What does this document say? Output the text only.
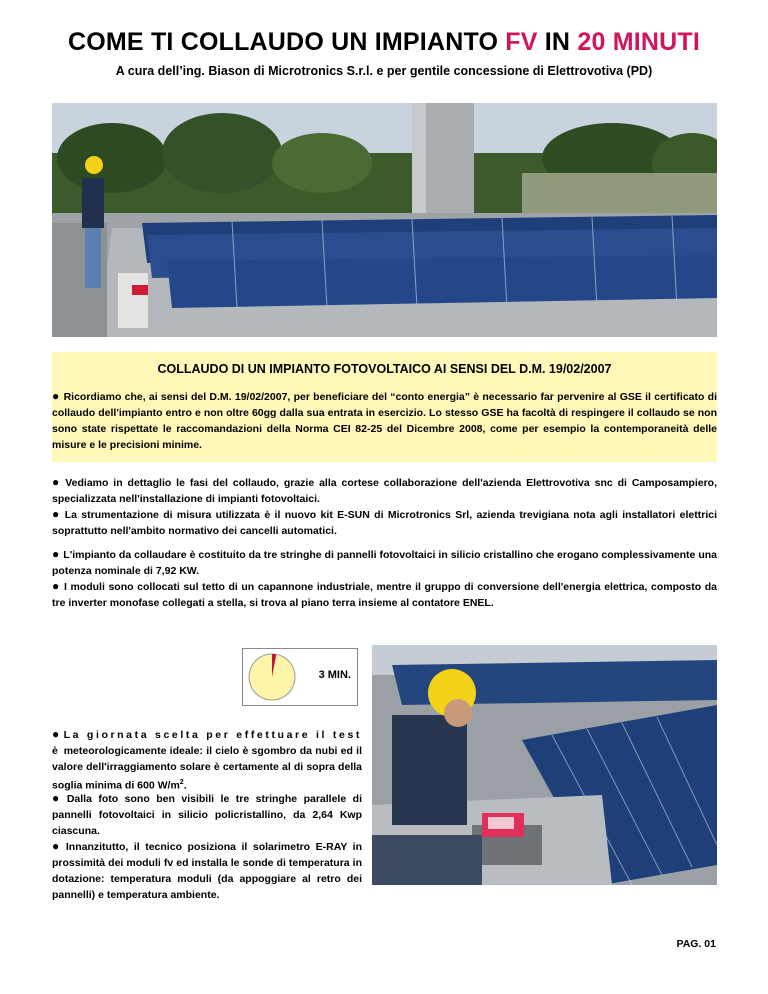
COME TI COLLAUDO UN IMPIANTO FV IN 20 MINUTI
A cura dell’ing. Biason di Microtronics S.r.l. e per gentile concessione di Elettrovotiva (PD)
COLLAUDO DI UN IMPIANTO FOTOVOLTAICO AI SENSI DEL D.M. 19/02/2007
● Ricordiamo che, ai sensi del D.M. 19/02/2007, per beneficiare del “conto energia” è necessario far pervenire al GSE il certificato di collaudo dell'impianto entro e non oltre 60gg dalla sua entrata in esercizio. Lo stesso GSE ha facoltà di respingere il collaudo se non sono state rispettate le raccomandazioni della Norma CEI 82-25 del Dicembre 2008, come per esempio la contemporaneità delle misure e le precisioni minime.
● Vediamo in dettaglio le fasi del collaudo, grazie alla cortese collaborazione dell'azienda Elettrovotiva snc di Camposampiero, specializzata nell'installazione di impianti fotovoltaici.
● La strumentazione di misura utilizzata è il nuovo kit E-SUN di Microtronics Srl, azienda trevigiana nota agli installatori elettrici soprattutto nell'ambito normativo dei cancelli automatici.
● L'impianto da collaudare è costituito da tre stringhe di pannelli fotovoltaici in silicio cristallino che erogano complessivamente una potenza nominale di 7,92 KW.
● I moduli sono collocati sul tetto di un capannone industriale, mentre il gruppo di conversione dell'energia elettrica, composto da tre inverter monofase collegati a stella, si trova al piano terra insieme al contatore ENEL.
3 MIN.
● La giornata scelta per effettuare il test è meteorologicamente ideale: il cielo è sgombro da nubi ed il valore dell'irraggiamento solare è certamente al di sopra della soglia minima di 600 $W/m^2$.
● Dalla foto sono ben visibili le tre stringhe parallele di pannelli fotovoltaici in silicio policristallino, da 2,64 Kwp ciascuna.
● Innanzitutto, il tecnico posiziona il solarimetro E-RAY in prossimità dei moduli fv ed installa le sonde di temperatura in dotazione: temperatura moduli (da appoggiare al retro dei pannelli) e temperatura ambiente.
PAG. 01
